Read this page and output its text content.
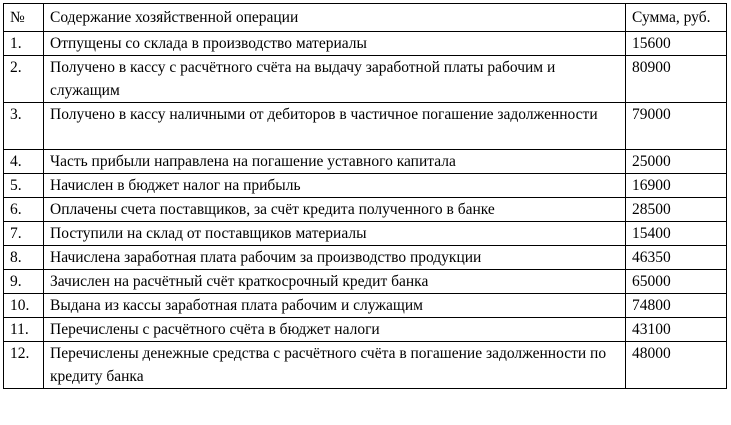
№	Содержание хозяйственной операции	Сумма, руб.
1.	Отпущены со склада в производство материалы	15600
2.	Получено в кассу с расчётного счёта на выдачу заработной платы рабочим и служащим	80900
3.	Получено в кассу наличными от дебиторов в частичное погашение задолженности	79000
4.	Часть прибыли направлена на погашение уставного капитала	25000
5.	Начислен в бюджет налог на прибыль	16900
6.	Оплачены счета поставщиков, за счёт кредита полученного в банке	28500
7.	Поступили на склад от поставщиков материалы	15400
8.	Начислена заработная плата рабочим за производство продукции	46350
9.	Зачислен на расчётный счёт краткосрочный кредит банка	65000
10.	Выдана из кассы заработная плата рабочим и служащим	74800
11.	Перечислены с расчётного счёта в бюджет налоги	43100
12.	Перечислены денежные средства с расчётного счёта в погашение задолженности по кредиту банка	48000
